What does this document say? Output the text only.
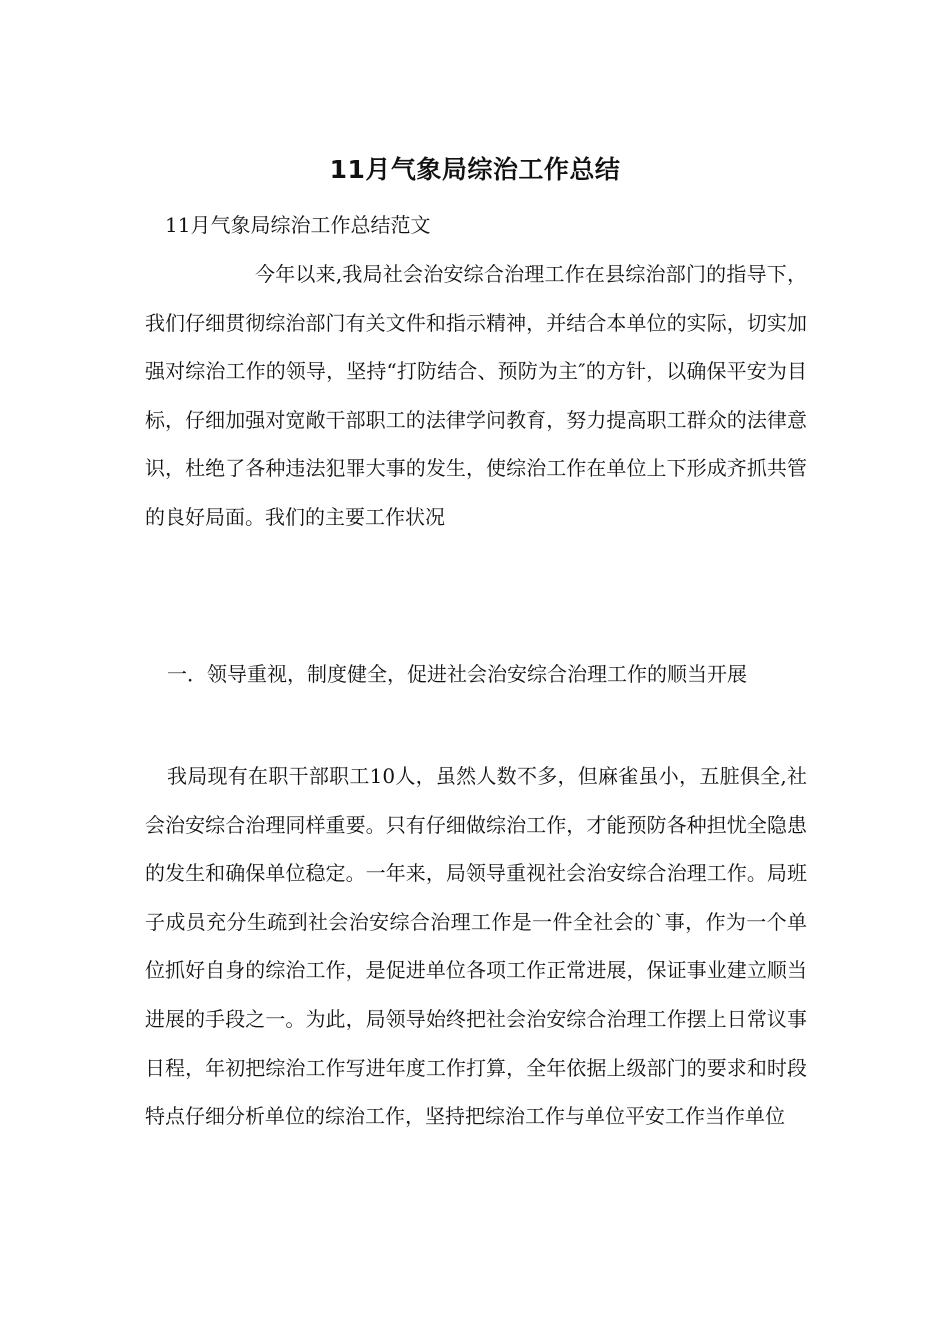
11月气象局综治工作总结
11月气象局综治工作总结范文

今年以来,我局社会治安综合治理工作在县综治部门的指导下，我们仔细贯彻综治部门有关文件和指示精神，并结合本单位的实际，切实加强对综治工作的领导，坚持“打防结合、预防为主″的方针，以确保平安为目标，仔细加强对宽敞干部职工的法律学问教育，努力提高职工群众的法律意识，杜绝了各种违法犯罪大事的发生，使综治工作在单位上下形成齐抓共管的良好局面。我们的主要工作状况

一．领导重视，制度健全，促进社会治安综合治理工作的顺当开展

我局现有在职干部职工10人，虽然人数不多，但麻雀虽小，五脏俱全,社会治安综合治理同样重要。只有仔细做综治工作，才能预防各种担忧全隐患的发生和确保单位稳定。一年来，局领导重视社会治安综合治理工作。局班子成员充分生疏到社会治安综合治理工作是一件全社会的`事，作为一个单位抓好自身的综治工作，是促进单位各项工作正常进展，保证事业建立顺当进展的手段之一。为此，局领导始终把社会治安综合治理工作摆上日常议事日程，年初把综治工作写进年度工作打算，全年依据上级部门的要求和时段特点仔细分析单位的综治工作，坚持把综治工作与单位平安工作当作单位
